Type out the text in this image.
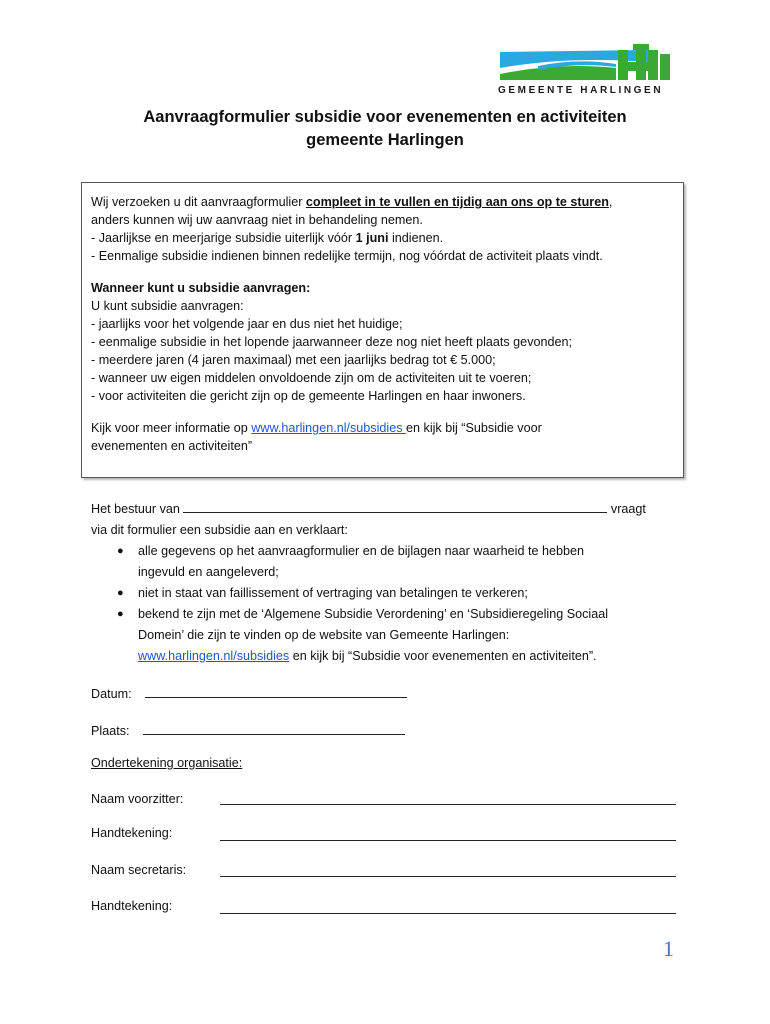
GEMEENTE HARLINGEN
Aanvraagformulier subsidie voor evenementen en activiteiten
gemeente Harlingen

Wij verzoeken u dit aanvraagformulier compleet in te vullen en tijdig aan ons op te sturen,

anders kunnen wij uw aanvraag niet in behandeling nemen.

- Jaarlijkse en meerjarige subsidie uiterlijk vóór 1 juni indienen.

- Eenmalige subsidie indienen binnen redelijke termijn, nog vóórdat de activiteit plaats vindt.

Wanneer kunt u subsidie aanvragen:

U kunt subsidie aanvragen:

- jaarlijks voor het volgende jaar en dus niet het huidige;

- eenmalige subsidie in het lopende jaarwanneer deze nog niet heeft plaats gevonden;

- meerdere jaren (4 jaren maximaal) met een jaarlijks bedrag tot € 5.000;

- wanneer uw eigen middelen onvoldoende zijn om de activiteiten uit te voeren;

- voor activiteiten die gericht zijn op de gemeente Harlingen en haar inwoners.

Kijk voor meer informatie op www.harlingen.nl/subsidies en kijk bij “Subsidie voor

evenementen en activiteiten”

Het bestuur van	vraagt

via dit formulier een subsidie aan en verklaart:

● alle gegevens op het aanvraagformulier en de bijlagen naar waarheid te hebben
ingevuld en aangeleverd;
● niet in staat van faillissement of vertraging van betalingen te verkeren;
● bekend te zijn met de ‘Algemene Subsidie Verordening’ en ‘Subsidieregeling Sociaal
Domein’ die zijn te vinden op de website van Gemeente Harlingen:
www.harlingen.nl/subsidies en kijk bij “Subsidie voor evenementen en activiteiten”.
Datum:
Plaats:
Ondertekening organisatie:
Naam voorzitter:
Handtekening:
Naam secretaris:
Handtekening:
1
